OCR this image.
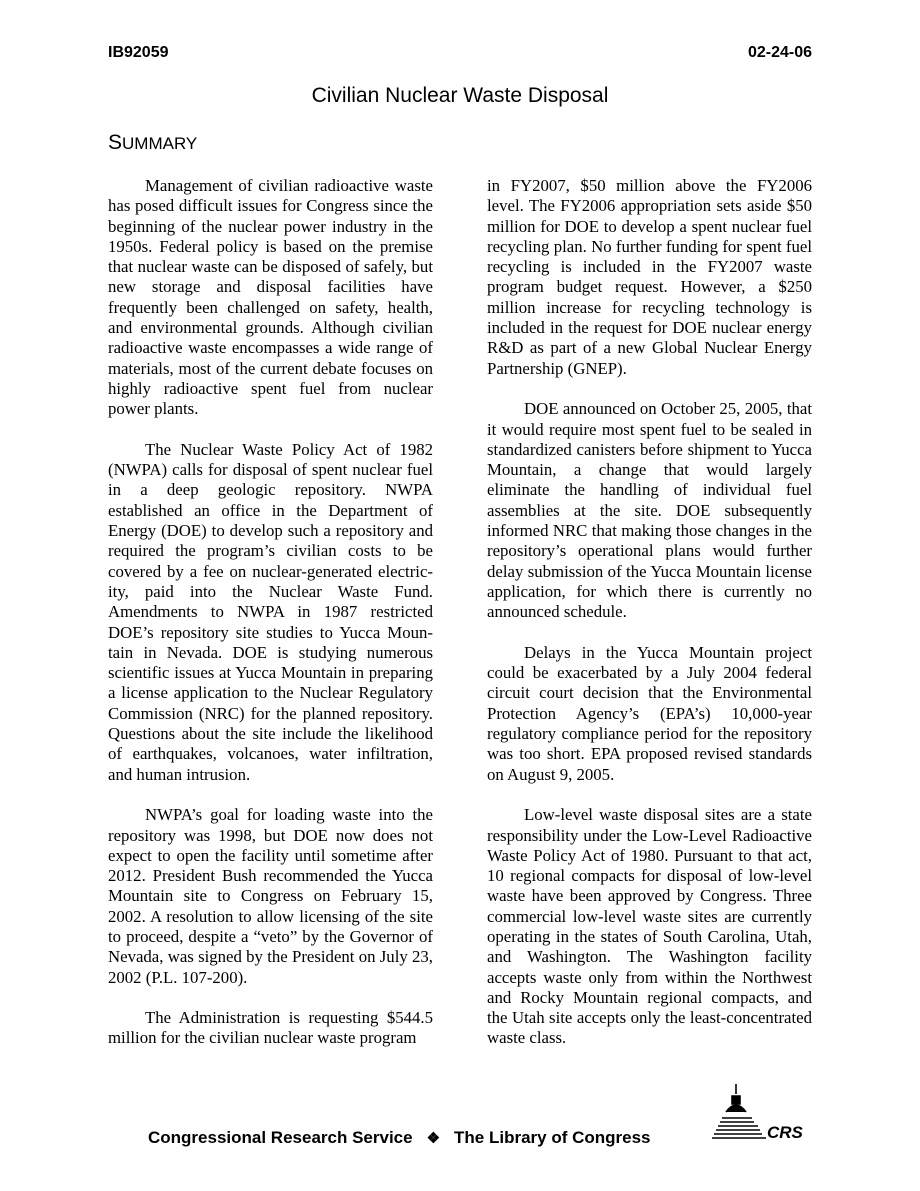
IB92059	02-24-06
Civilian Nuclear Waste Disposal
SUMMARY

Management of civilian radioactive waste has posed difficult issues for Congress since the beginning of the nuclear power industry in the 1950s. Federal policy is based on the premise that nuclear waste can be disposed of safely, but new storage and disposal facilities have frequently been challenged on safety, health, and environmental grounds. Although civilian radioactive waste encompasses a wide range of materials, most of the current debate focuses on highly radioactive spent fuel from nuclear power plants.

The Nuclear Waste Policy Act of 1982 (NWPA) calls for disposal of spent nuclear fuel in a deep geologic repository. NWPA established an office in the Department of Energy (DOE) to develop such a repository and required the program’s civilian costs to be covered by a fee on nuclear-generated electricity, paid into the Nuclear Waste Fund. Amendments to NWPA in 1987 restricted DOE’s repository site studies to Yucca Mountain in Nevada. DOE is studying numerous scientific issues at Yucca Mountain in preparing a license application to the Nuclear Regulatory Commission (NRC) for the planned repository. Questions about the site include the likelihood of earthquakes, volcanoes, water infiltration, and human intrusion.

NWPA’s goal for loading waste into the repository was 1998, but DOE now does not expect to open the facility until sometime after 2012. President Bush recommended the Yucca Mountain site to Congress on February 15, 2002. A resolution to allow licensing of the site to proceed, despite a “veto” by the Governor of Nevada, was signed by the President on July 23, 2002 (P.L. 107-200).

The Administration is requesting $544.5 million for the civilian nuclear waste program

in FY2007, $50 million above the FY2006 level. The FY2006 appropriation sets aside $50 million for DOE to develop a spent nuclear fuel recycling plan. No further funding for spent fuel recycling is included in the FY2007 waste program budget request. However, a $250 million increase for recycling technology is included in the request for DOE nuclear energy R&D as part of a new Global Nuclear Energy Partnership (GNEP).

DOE announced on October 25, 2005, that it would require most spent fuel to be sealed in standardized canisters before shipment to Yucca Mountain, a change that would largely eliminate the handling of individual fuel assemblies at the site. DOE subsequently informed NRC that making those changes in the repository’s operational plans would further delay submission of the Yucca Mountain license application, for which there is currently no announced schedule.

Delays in the Yucca Mountain project could be exacerbated by a July 2004 federal circuit court decision that the Environmental Protection Agency’s (EPA’s) 10,000-year regulatory compliance period for the repository was too short. EPA proposed revised standards on August 9, 2005.

Low-level waste disposal sites are a state responsibility under the Low-Level Radioactive Waste Policy Act of 1980. Pursuant to that act, 10 regional compacts for disposal of low-level waste have been approved by Congress. Three commercial low-level waste sites are currently operating in the states of South Carolina, Utah, and Washington. The Washington facility accepts waste only from within the Northwest and Rocky Mountain regional compacts, and the Utah site accepts only the least-concentrated waste class.

Congressional Research Service ❖ The Library of Congress	CRS
